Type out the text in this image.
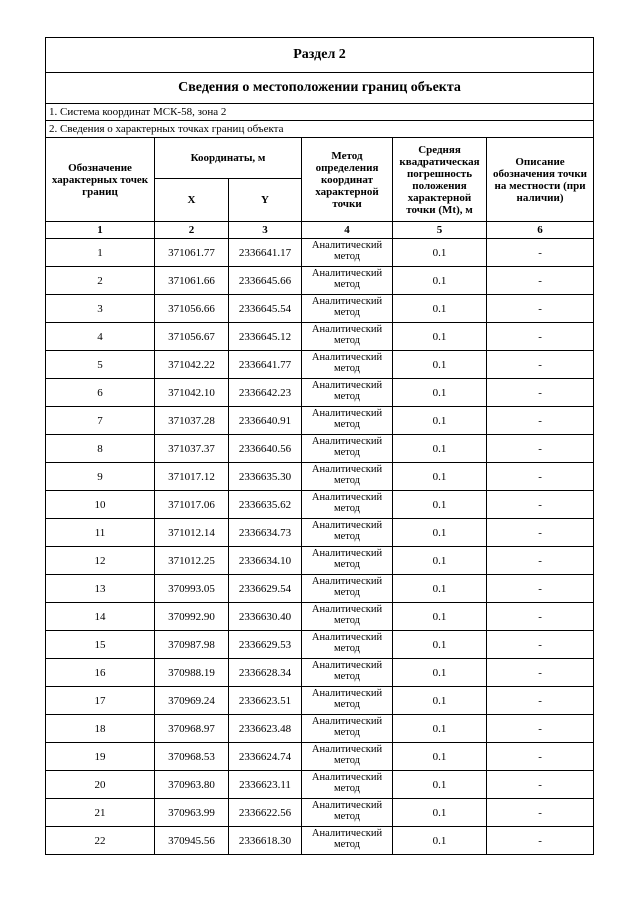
Раздел 2					
Сведения о местоположении границ объекта					
1. Система координат МСК-58, зона 2					
2. Сведения о характерных точках границ объекта					
Обозначение характерных точек границ	Координаты, м		Метод определения координат характерной точки	Средняя квадратическая погрешность положения характерной точки (Mt), м	Описание обозначения точки на местности (при наличии)
	X	Y			
1	2	3	4	5	6
1	371061.77	2336641.17	Аналитический метод	0.1	-
2	371061.66	2336645.66	Аналитический метод	0.1	-
3	371056.66	2336645.54	Аналитический метод	0.1	-
4	371056.67	2336645.12	Аналитический метод	0.1	-
5	371042.22	2336641.77	Аналитический метод	0.1	-
6	371042.10	2336642.23	Аналитический метод	0.1	-
7	371037.28	2336640.91	Аналитический метод	0.1	-
8	371037.37	2336640.56	Аналитический метод	0.1	-
9	371017.12	2336635.30	Аналитический метод	0.1	-
10	371017.06	2336635.62	Аналитический метод	0.1	-
11	371012.14	2336634.73	Аналитический метод	0.1	-
12	371012.25	2336634.10	Аналитический метод	0.1	-
13	370993.05	2336629.54	Аналитический метод	0.1	-
14	370992.90	2336630.40	Аналитический метод	0.1	-
15	370987.98	2336629.53	Аналитический метод	0.1	-
16	370988.19	2336628.34	Аналитический метод	0.1	-
17	370969.24	2336623.51	Аналитический метод	0.1	-
18	370968.97	2336623.48	Аналитический метод	0.1	-
19	370968.53	2336624.74	Аналитический метод	0.1	-
20	370963.80	2336623.11	Аналитический метод	0.1	-
21	370963.99	2336622.56	Аналитический метод	0.1	-
22	370945.56	2336618.30	Аналитический метод	0.1	-
